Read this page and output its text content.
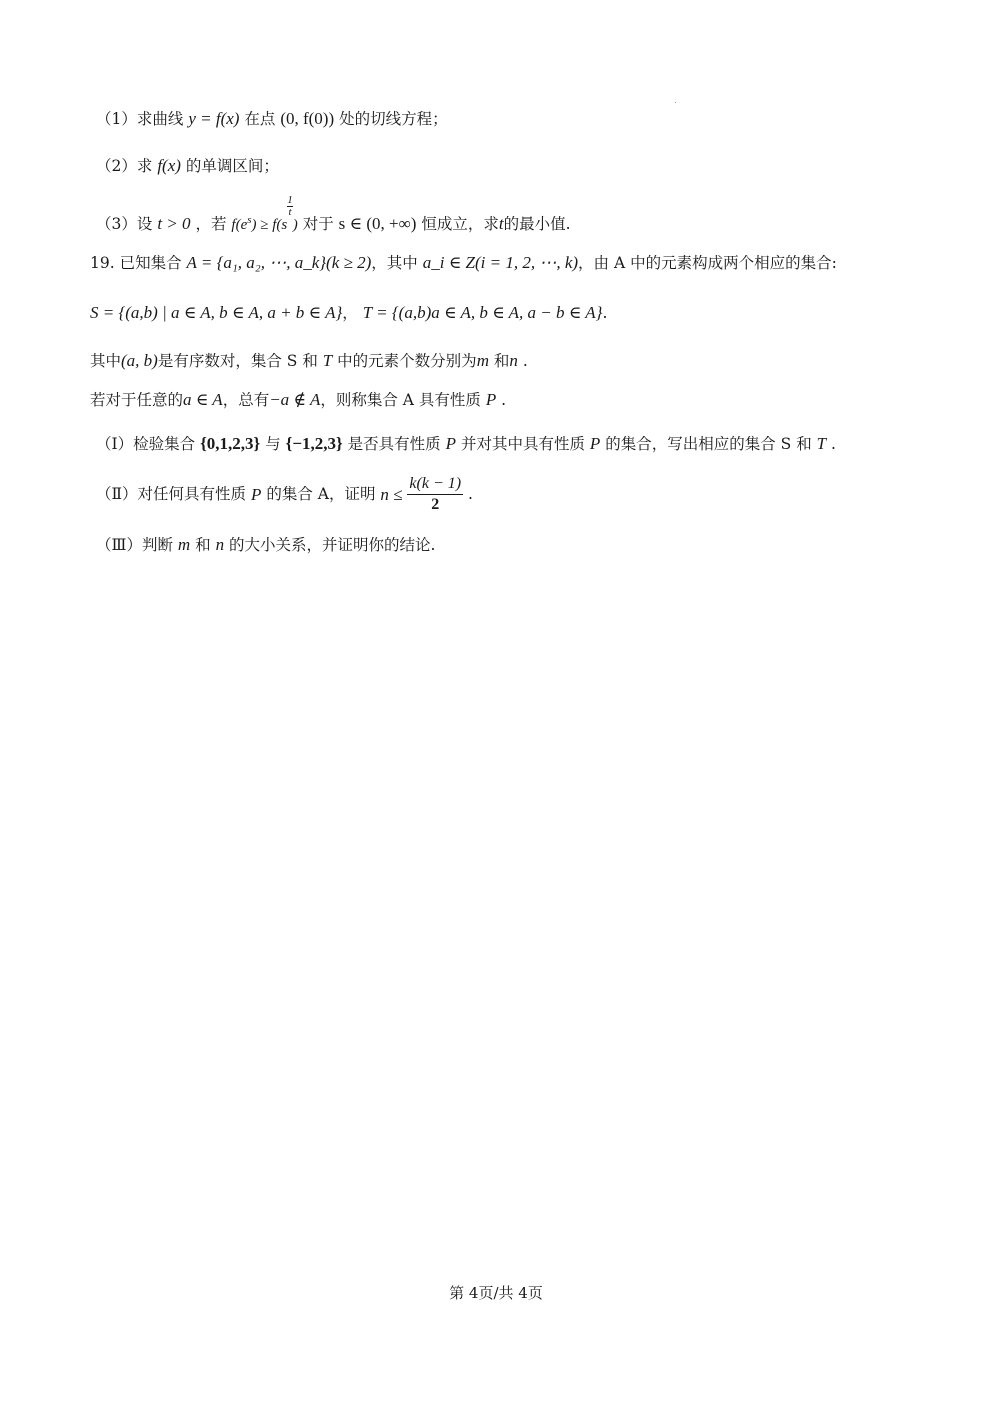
（1）求曲线 y = f(x) 在点 (0, f(0)) 处的切线方程；
（2）求 f(x) 的单调区间；
（3）设 t > 0 ，若 $f(e^s) \ge f(s$
$^{\frac{1}{t}}$
) 对于 s ∈ (0, +∞) 恒成立，求t的最小值.
19. 已知集合 A = {a₁, a₂, ⋯, a_k}(k ≥ 2)，其中 a_i ∈ Z(i = 1, 2, ⋯, k)，由 A 中的元素构成两个相应的集合:
S = {(a,b) | a ∈ A, b ∈ A, a + b ∈ A}， T = {(a,b)a ∈ A, b ∈ A, a − b ∈ A}.
其中(a, b)是有序数对，集合 S 和 T 中的元素个数分别为m 和n .
若对于任意的a ∈ A，总有−a ∉ A，则称集合 A 具有性质 P .
（Ⅰ）检验集合 {0,1,2,3} 与 {−1,2,3} 是否具有性质 P 并对其中具有性质 P 的集合，写出相应的集合 S 和 T .
（Ⅱ）对任何具有性质 P 的集合 A，证明 $n \le \frac{k(k - 1)}{2}$ .
（Ⅲ）判断 m 和 n 的大小关系，并证明你的结论.
第 4页/共 4页
